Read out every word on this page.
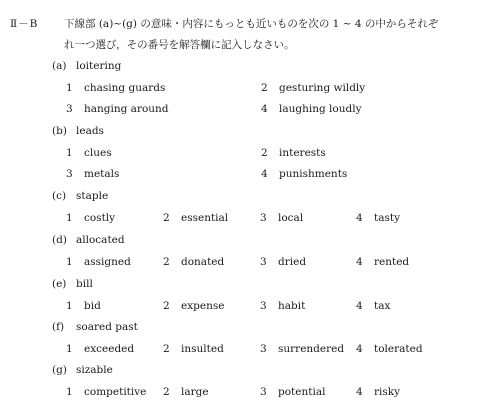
Ⅱ－B 下線部 (a)~(g) の意味・内容にもっとも近いものを次の 1 ~ 4 の中からそれぞ
れ一つ選び，その番号を解答欄に記入しなさい。
(a) loitering
1 chasing guards	2 gesturing wildly
3 hanging around	4 laughing loudly
(b) leads
1 clues	2 interests
3 metals	4 punishments
(c) staple
1 costly	2 essential	3 local	4 tasty
(d) allocated
1 assigned	2 donated	3 dried	4 rented
(e) bill
1 bid	2 expense	3 habit	4 tax
(f) soared past
1 exceeded	2 insulted	3 surrendered 4 tolerated
(g) sizable
1 competitive 2 large	3 potential	4 risky
